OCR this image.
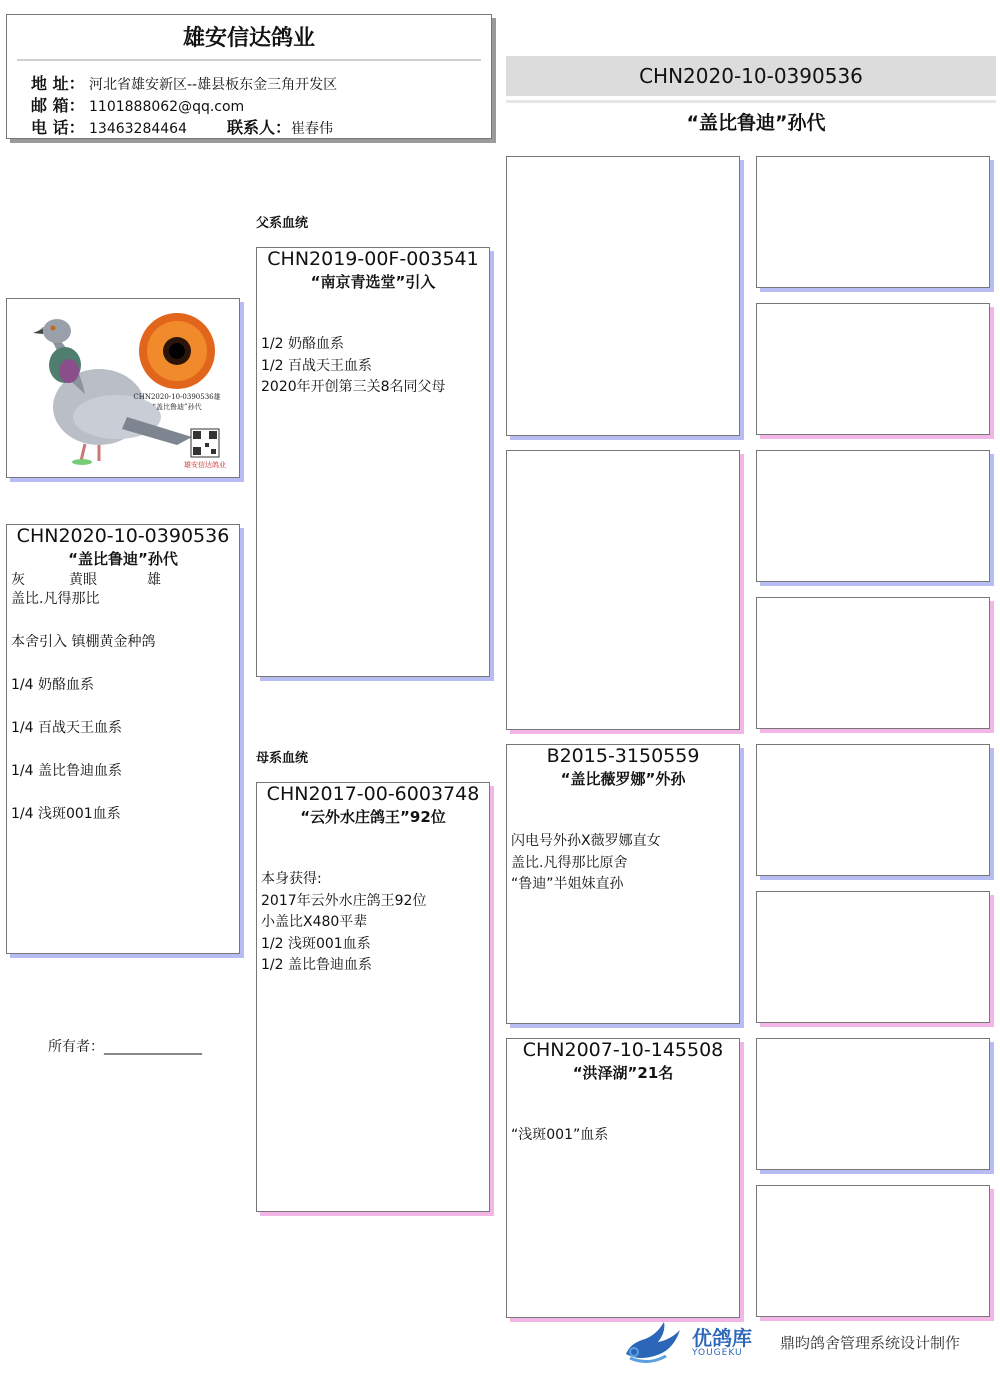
雄安信达鸽业
地 址： 河北省雄安新区--雄县板东金三角开发区
邮 箱： 1101888062@qq.com
电 话： 13463284464	联系人：崔春伟
CHN2020-10-0390536
“盖比鲁迪”孙代
CHN2020-10-0390536雄
“盖比鲁迪”孙代
雄安信达鸽业
CHN2020-10-0390536
“盖比鲁迪”孙代
灰	黄眼	雄
盖比.凡得那比
本舍引入 镇棚黄金种鸽
1/4 奶酪血系
1/4 百战天王血系
1/4 盖比鲁迪血系
1/4 浅斑001血系
所有者：______________
父系血统
母系血统
CHN2019-00F-003541
“南京青选堂”引入
1/2 奶酪血系
1/2 百战天王血系
2020年开创第三关8名同父母
CHN2017-00-6003748
“云外水庄鸽王”92位
本身获得:
2017年云外水庄鸽王92位
小盖比X480平辈
1/2 浅斑001血系
1/2 盖比鲁迪血系
B2015-3150559
“盖比薇罗娜”外孙
闪电号外孙X薇罗娜直女
盖比.凡得那比原舍
“鲁迪”半姐妹直孙
CHN2007-10-145508
“洪泽湖”21名
“浅斑001”血系
优鸽库
YOUGEKU
鼎昀鸽舍管理系统设计制作
